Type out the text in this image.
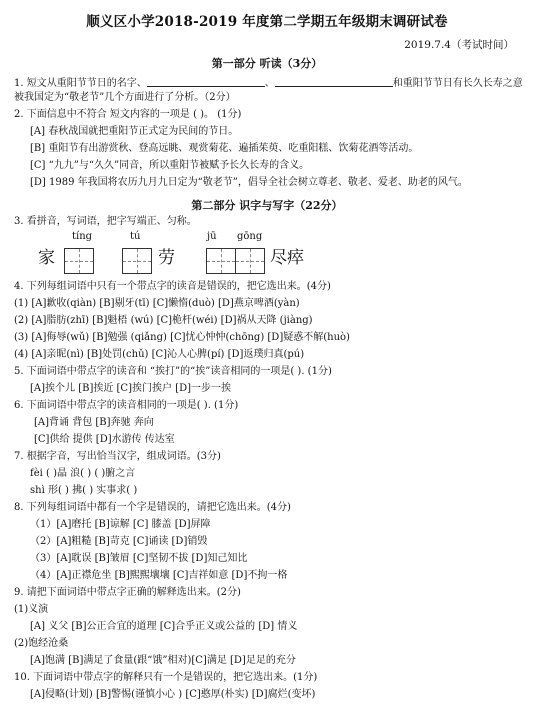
顺义区小学2018-2019 年度第二学期五年级期末调研试卷
2019.7.4（考试时间）
第一部分 听读（3分）
1. 短文从重阳节节日的名字、	、	和重阳节节日有长久长寿之意
被我国定为“敬老节”几个方面进行了分析。（2分）
2. 下面信息中不符合 短文内容的一项是 ( )。 (1分)
[A] 春秋战国就把重阳节正式定为民间的节日。
[B] 重阳节有出游赏秋、登高远眺、观赏菊花、遍插茱萸、吃重阳糕、饮菊花酒等活动。
[C] “九九”与“久久”同音，所以重阳节被赋予长久长寿的含义。
[D] 1989 年我国将农历九月九日定为“敬老节”，倡导全社会树立尊老、敬老、爱老、助老的风气。
第二部分 识字与写字（22分）
3. 看拼音，写词语，把字写端正、匀称。
tíng	tú	jū gōng
家	劳	尽瘁
4. 下列每组词语中只有一个带点字的读音是错误的，把它选出来。(4分)
(1) [A]歉收(qiàn) [B]剔牙(tī) [C]懒惰(duò) [D]燕京啤酒(yàn)
(2) [A]脂肪(zhī) [B]魁梧 (wú) [C]桅杆(wéi) [D]祸从天降 (jiàng)
(3) [A]侮辱(wǔ) [B]勉强 (qiǎng) [C]忧心忡忡(chōng) [D]疑惑不解(huò)
(4) [A]亲昵(nì) [B]处罚(chǔ) [C]沁人心脾(pí) [D]返璞归真(pú)
5. 下面词语中带点字的读音和 “挨打”的“挨”读音相同的一项是( ). (1分)
[A]挨个儿 [B]挨近 [C]挨门挨户 [D]一步一挨
6. 下面词语中带点字的读音相同的一项是( ). (1分)
[A]背诵 背包 [B]奔驰 奔向
[C]供给 提供 [D]水游传 传达室
7. 根据字音，写出恰当汉字，组成词语。(3分)
fèi ( )晶 浪( ) ( )腑之言
shì 形( ) 拂( ) 实事求( )
8. 下列每组词语中都有一个字是错误的，请把它选出来。(4分)
（1）[A]磨托 [B]谅解 [C] 膝盖 [D]屏障
（2）[A]粗糙 [B]苛克 [C]诵读 [D]销毁
（3）[A]耽误 [B]皱眉 [C]坚韧不拔 [D]知己知比
（4）[A]正襟危坐 [B]熙熙壤壤 [C]吉祥如意 [D]不拘一格
9. 请把下面词语中带点字正确的解释选出来。(2分)
(1)义演
[A] 义父 [B]公正合宜的道理 [C]合乎正义或公益的 [D] 情义
(2)饱经沧桑
[A]饱满 [B]满足了食量(跟“饿”相对)[C]满足 [D]足足的充分
10. 下面词语中带点字的解释只有一个是错误的，把它选出来。(1分)
[A]侵略(计划) [B]警惕(谨慎小心 ) [C]憨厚(朴实) [D]腐烂(变坏)
